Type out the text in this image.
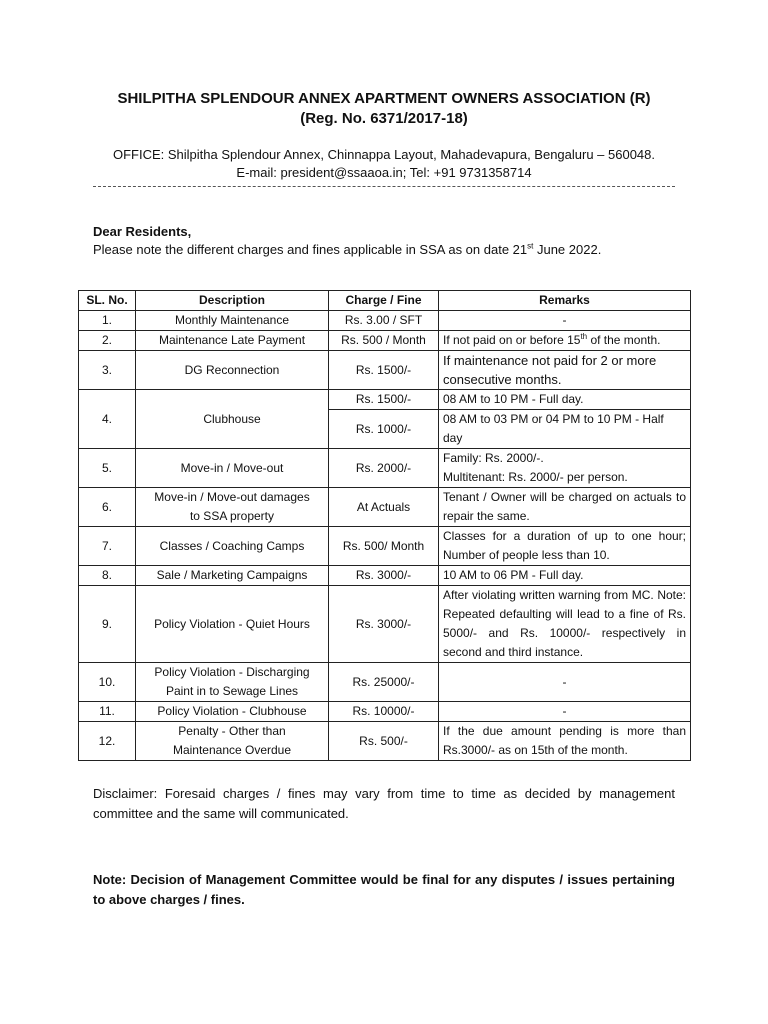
SHILPITHA SPLENDOUR ANNEX APARTMENT OWNERS ASSOCIATION (R)
(Reg. No. 6371/2017-18)
OFFICE: Shilpitha Splendour Annex, Chinnappa Layout, Mahadevapura, Bengaluru – 560048.
E-mail: president@ssaaoa.in; Tel: +91 9731358714
Dear Residents,
Please note the different charges and fines applicable in SSA as on date 21st June 2022.
SL. No.	Description	Charge / Fine	Remarks
1.	Monthly Maintenance	Rs. 3.00 / SFT	-
2.	Maintenance Late Payment	Rs. 500 / Month	If not paid on or before 15th of the month.
3.	DG Reconnection	Rs. 1500/-	If maintenance not paid for 2 or more consecutive months.
4.	Clubhouse	Rs. 1500/-	08 AM to 10 PM - Full day.
		Rs. 1000/-	08 AM to 03 PM or 04 PM to 10 PM - Half day
5.	Move-in / Move-out	Rs. 2000/-	Family: Rs. 2000/-.
Multitenant: Rs. 2000/- per person.

6.	Move-in / Move-out damages
to SSA property	At Actuals	Tenant / Owner will be charged on actuals to repair the same.
7.	Classes / Coaching Camps	Rs. 500/ Month	Classes for a duration of up to one hour; Number of people less than 10.
8.	Sale / Marketing Campaigns	Rs. 3000/-	10 AM to 06 PM - Full day.
9.	Policy Violation - Quiet Hours	Rs. 3000/-	After violating written warning from MC. Note: Repeated defaulting will lead to a fine of Rs. 5000/- and Rs. 10000/- respectively in second and third instance.
10.	Policy Violation - Discharging
Paint in to Sewage Lines	Rs. 25000/-	-
11.	Policy Violation - Clubhouse	Rs. 10000/-	-
12.	Penalty - Other than
Maintenance Overdue	Rs. 500/-	If the due amount pending is more than Rs.3000/- as on 15th of the month.
Disclaimer: Foresaid charges / fines may vary from time to time as decided by management committee and the same will communicated.
Note: Decision of Management Committee would be final for any disputes / issues pertaining to above charges / fines.
